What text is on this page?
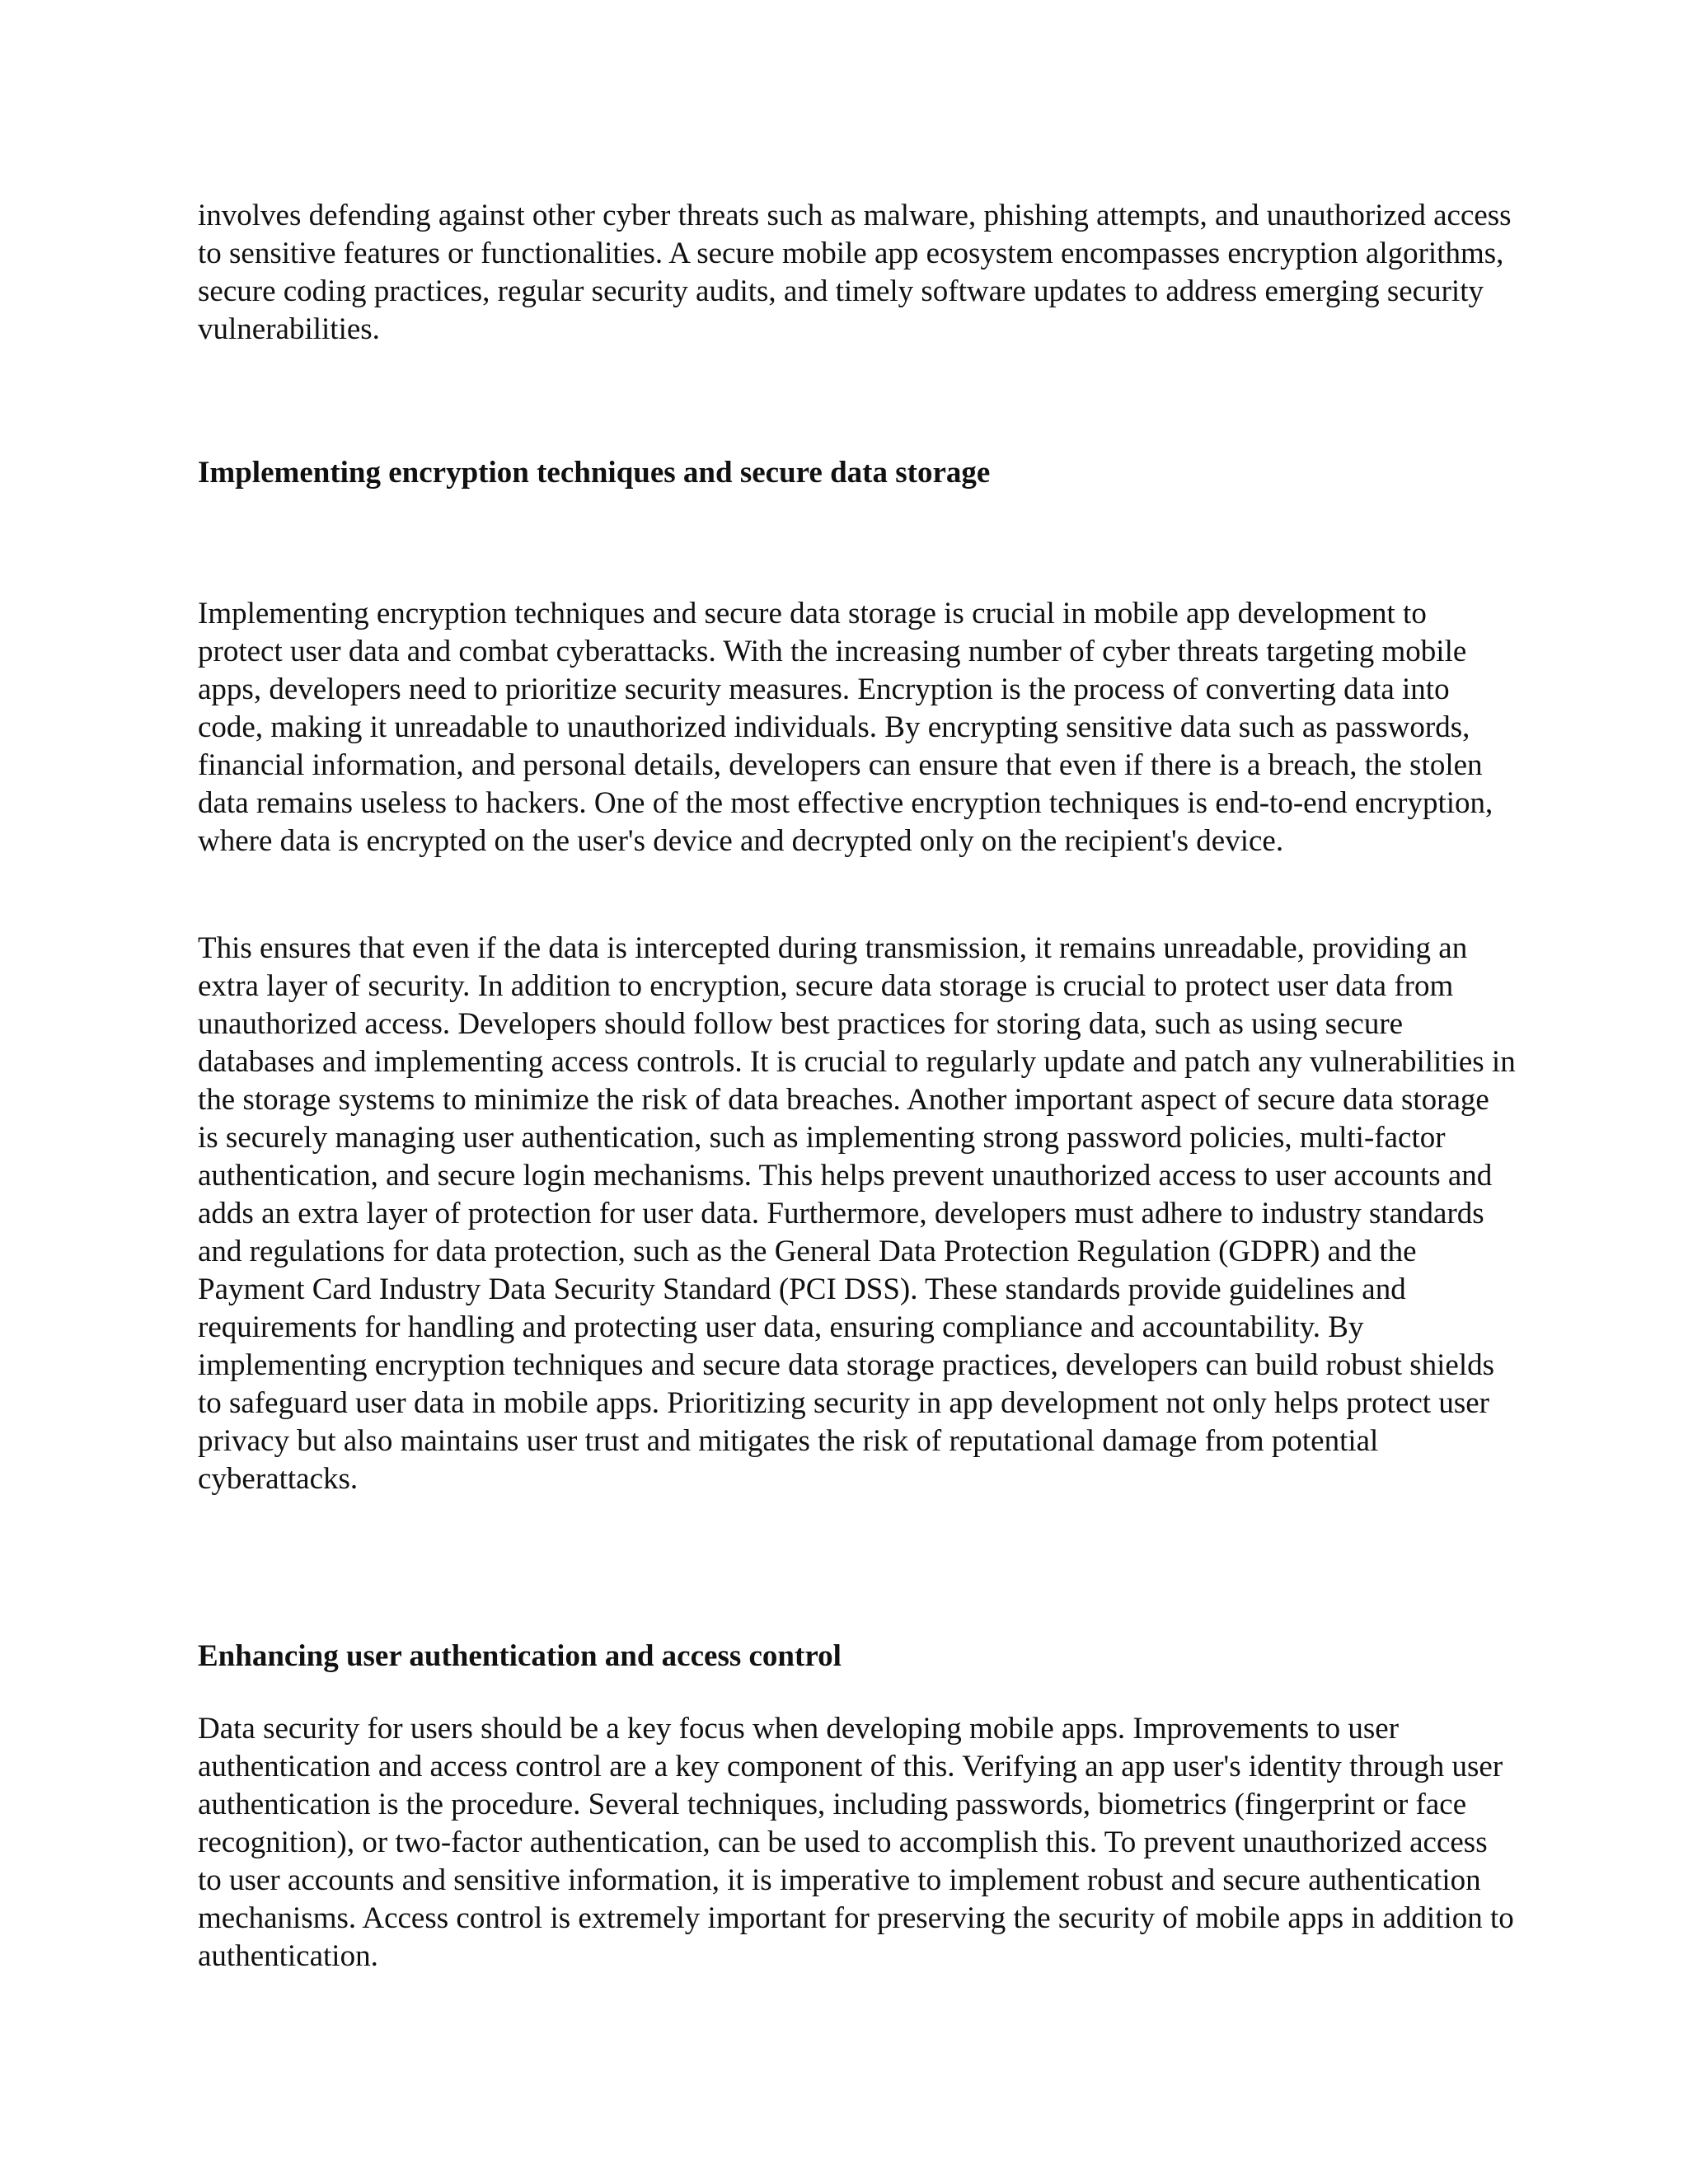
involves defending against other cyber threats such as malware, phishing attempts, and unauthorized access to sensitive features or functionalities. A secure mobile app ecosystem encompasses encryption algorithms, secure coding practices, regular security audits, and timely software updates to address emerging security vulnerabilities.

Implementing encryption techniques and secure data storage

Implementing encryption techniques and secure data storage is crucial in mobile app development to protect user data and combat cyberattacks. With the increasing number of cyber threats targeting mobile apps, developers need to prioritize security measures. Encryption is the process of converting data into code, making it unreadable to unauthorized individuals. By encrypting sensitive data such as passwords, financial information, and personal details, developers can ensure that even if there is a breach, the stolen data remains useless to hackers. One of the most effective encryption techniques is end-to-end encryption, where data is encrypted on the user's device and decrypted only on the recipient's device.

This ensures that even if the data is intercepted during transmission, it remains unreadable, providing an extra layer of security. In addition to encryption, secure data storage is crucial to protect user data from unauthorized access. Developers should follow best practices for storing data, such as using secure databases and implementing access controls. It is crucial to regularly update and patch any vulnerabilities in the storage systems to minimize the risk of data breaches. Another important aspect of secure data storage is securely managing user authentication, such as implementing strong password policies, multi-factor authentication, and secure login mechanisms. This helps prevent unauthorized access to user accounts and adds an extra layer of protection for user data. Furthermore, developers must adhere to industry standards and regulations for data protection, such as the General Data Protection Regulation (GDPR) and the Payment Card Industry Data Security Standard (PCI DSS). These standards provide guidelines and requirements for handling and protecting user data, ensuring compliance and accountability. By implementing encryption techniques and secure data storage practices, developers can build robust shields to safeguard user data in mobile apps. Prioritizing security in app development not only helps protect user privacy but also maintains user trust and mitigates the risk of reputational damage from potential cyberattacks.

Enhancing user authentication and access control

Data security for users should be a key focus when developing mobile apps. Improvements to user authentication and access control are a key component of this. Verifying an app user's identity through user authentication is the procedure. Several techniques, including passwords, biometrics (fingerprint or face recognition), or two-factor authentication, can be used to accomplish this. To prevent unauthorized access to user accounts and sensitive information, it is imperative to implement robust and secure authentication mechanisms. Access control is extremely important for preserving the security of mobile apps in addition to authentication.
